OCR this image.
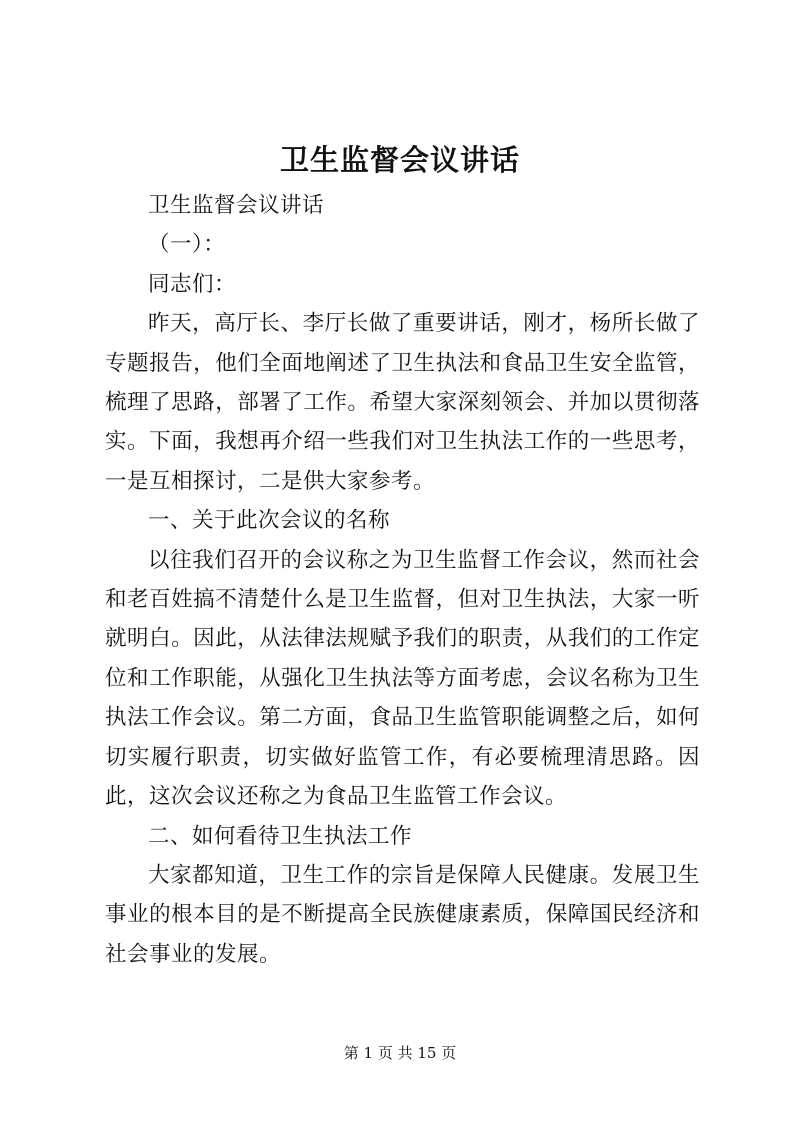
卫生监督会议讲话

卫生监督会议讲话

（一）：

同志们：

昨天，高厅长、李厅长做了重要讲话，刚才，杨所长做了专题报告，他们全面地阐述了卫生执法和食品卫生安全监管，梳理了思路，部署了工作。希望大家深刻领会、并加以贯彻落实。下面，我想再介绍一些我们对卫生执法工作的一些思考，一是互相探讨，二是供大家参考。

一、关于此次会议的名称

以往我们召开的会议称之为卫生监督工作会议，然而社会和老百姓搞不清楚什么是卫生监督，但对卫生执法，大家一听就明白。因此，从法律法规赋予我们的职责，从我们的工作定位和工作职能，从强化卫生执法等方面考虑，会议名称为卫生执法工作会议。第二方面，食品卫生监管职能调整之后，如何切实履行职责，切实做好监管工作，有必要梳理清思路。因此，这次会议还称之为食品卫生监管工作会议。

二、如何看待卫生执法工作

大家都知道，卫生工作的宗旨是保障人民健康。发展卫生事业的根本目的是不断提高全民族健康素质，保障国民经济和社会事业的发展。

第 1 页 共 15 页
